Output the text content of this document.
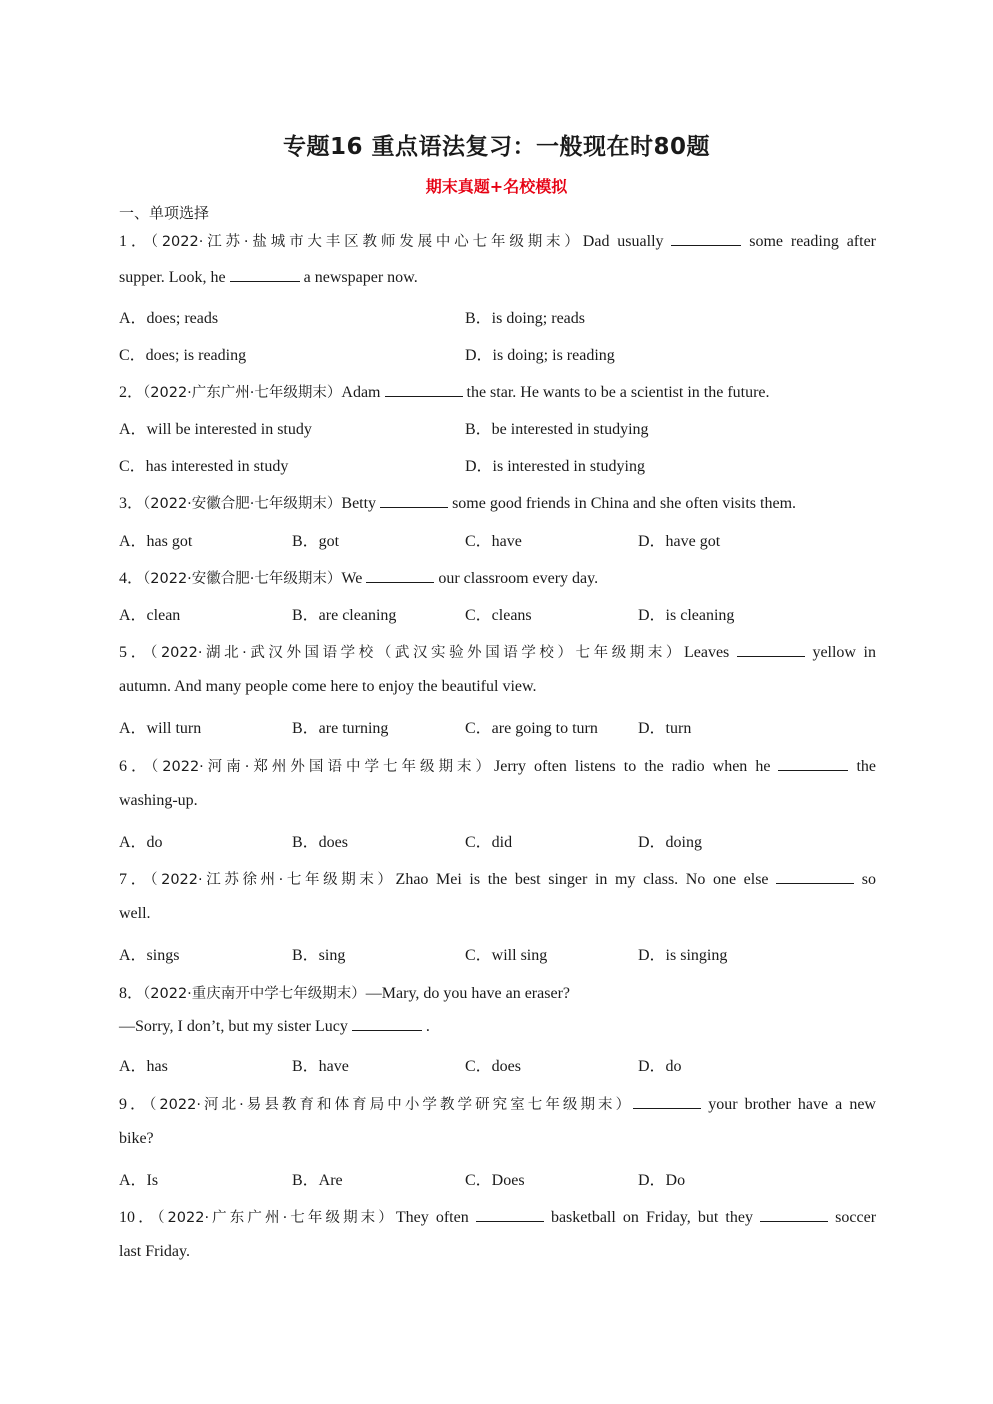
专题16 重点语法复习：一般现在时80题
期末真题+名校模拟
一、单项选择
1．（2022·江苏·盐城市大丰区教师发展中心七年级期末）Dad usually	some reading after
supper. Look, he	a newspaper now.
A．does; reads	B．is doing; reads
C．does; is reading	D．is doing; is reading
2．（2022·广东广州·七年级期末）Adam	the star. He wants to be a scientist in the future.
A．will be interested in study	B．be interested in studying
C．has interested in study	D．is interested in studying
3．（2022·安徽合肥·七年级期末）Betty	some good friends in China and she often visits them.
A．has got	B．got	C．have	D．have got
4．（2022·安徽合肥·七年级期末）We	our classroom every day.
A．clean	B．are cleaning	C．cleans	D．is cleaning
5．（2022·湖北·武汉外国语学校（武汉实验外国语学校）七年级期末）Leaves	yellow in
autumn. And many people come here to enjoy the beautiful view.
A．will turn	B．are turning	C．are going to turn	D．turn
6．（2022·河南·郑州外国语中学七年级期末）Jerry often listens to the radio when he	the
washing-up.
A．do	B．does	C．did	D．doing
7．（2022·江苏徐州·七年级期末）Zhao Mei is the best singer in my class. No one else	so
well.
A．sings	B．sing	C．will sing	D．is singing
8．（2022·重庆南开中学七年级期末）—Mary, do you have an eraser?
—Sorry, I don’t, but my sister Lucy	.
A．has	B．have	C．does	D．do
9．（2022·河北·易县教育和体育局中小学教学研究室七年级期末）	your brother have a new
bike?
A．Is	B．Are	C．Does	D．Do
10．（2022·广东广州·七年级期末）They often	basketball on Friday, but they	soccer
last Friday.
